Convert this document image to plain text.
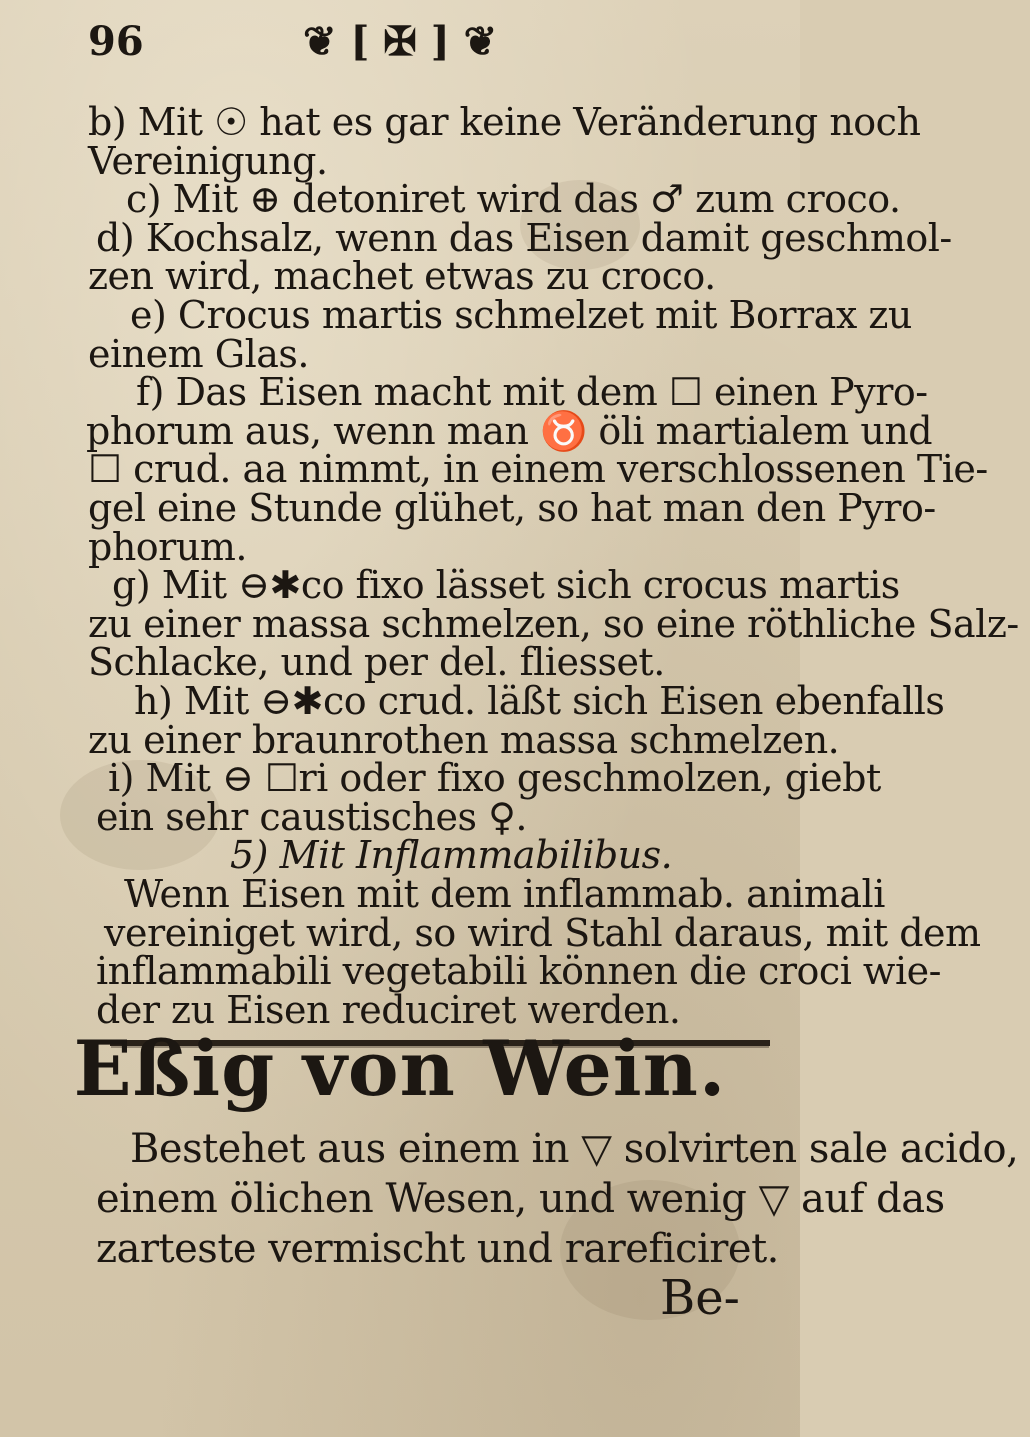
96	❦ [ ✠ ] ❦
b) Mit ☉ hat es gar keine Veränderung noch
Vereinigung.
c) Mit ⊕ detoniret wird das ♂ zum croco.
d) Kochsalz, wenn das Eisen damit geschmol-
zen wird, machet etwas zu croco.
e) Crocus martis schmelzet mit Borrax zu
einem Glas.
f) Das Eisen macht mit dem ☐ einen Pyro-
phorum aus, wenn man ♉ öli martialem und
☐ crud. aa nimmt, in einem verschlossenen Tie-
gel eine Stunde glühet, so hat man den Pyro-
phorum.
g) Mit ⊖✱co fixo lässet sich crocus martis
zu einer massa schmelzen, so eine röthliche Salz-
Schlacke, und per del. fliesset.
h) Mit ⊖✱co crud. läßt sich Eisen ebenfalls
zu einer braunrothen massa schmelzen.
i) Mit ⊖ ☐ri oder fixo geschmolzen, giebt
ein sehr caustisches ♀.
5) Mit Inflammabilibus.
Wenn Eisen mit dem inflammab. animali
vereiniget wird, so wird Stahl daraus, mit dem
inflammabili vegetabili können die croci wie-
der zu Eisen reduciret werden.
Eßig von Wein.
Bestehet aus einem in ▽ solvirten sale acido,
einem ölichen Wesen, und wenig ▽ auf das
zarteste vermischt und rareficiret.
Be-
